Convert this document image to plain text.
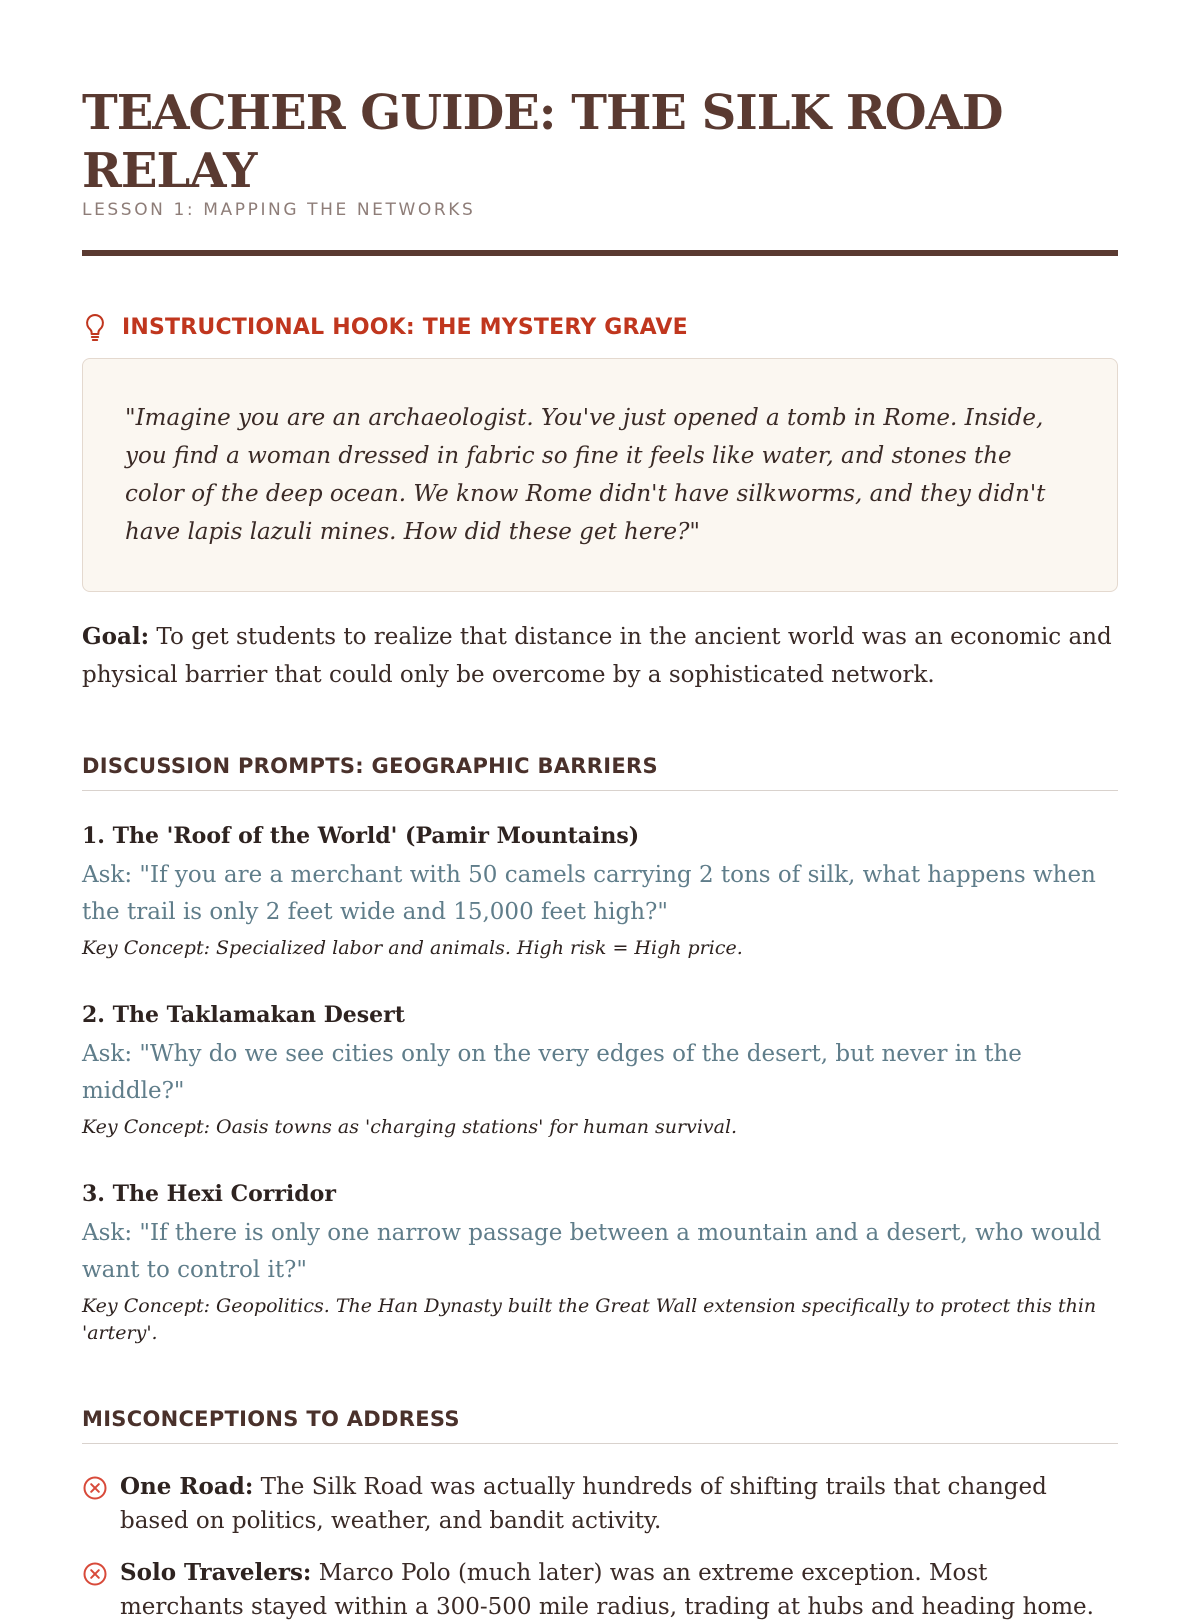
TEACHER GUIDE: THE SILK ROAD RELAY
LESSON 1: MAPPING THE NETWORKS
INSTRUCTIONAL HOOK: THE MYSTERY GRAVE
"Imagine you are an archaeologist. You've just opened a tomb in Rome. Inside, you find a woman dressed in fabric so fine it feels like water, and stones the color of the deep ocean. We know Rome didn't have silkworms, and they didn't have lapis lazuli mines. How did these get here?"
Goal: To get students to realize that distance in the ancient world was an economic and physical barrier that could only be overcome by a sophisticated network.
DISCUSSION PROMPTS: GEOGRAPHIC BARRIERS
1. The 'Roof of the World' (Pamir Mountains)
Ask: "If you are a merchant with 50 camels carrying 2 tons of silk, what happens when the trail is only 2 feet wide and 15,000 feet high?"
Key Concept: Specialized labor and animals. High risk = High price.
2. The Taklamakan Desert
Ask: "Why do we see cities only on the very edges of the desert, but never in the middle?"
Key Concept: Oasis towns as 'charging stations' for human survival.
3. The Hexi Corridor
Ask: "If there is only one narrow passage between a mountain and a desert, who would want to control it?"
Key Concept: Geopolitics. The Han Dynasty built the Great Wall extension specifically to protect this thin 'artery'.
MISCONCEPTIONS TO ADDRESS
One Road: The Silk Road was actually hundreds of shifting trails that changed based on politics, weather, and bandit activity.
Solo Travelers: Marco Polo (much later) was an extreme exception. Most merchants stayed within a 300-500 mile radius, trading at hubs and heading home.
